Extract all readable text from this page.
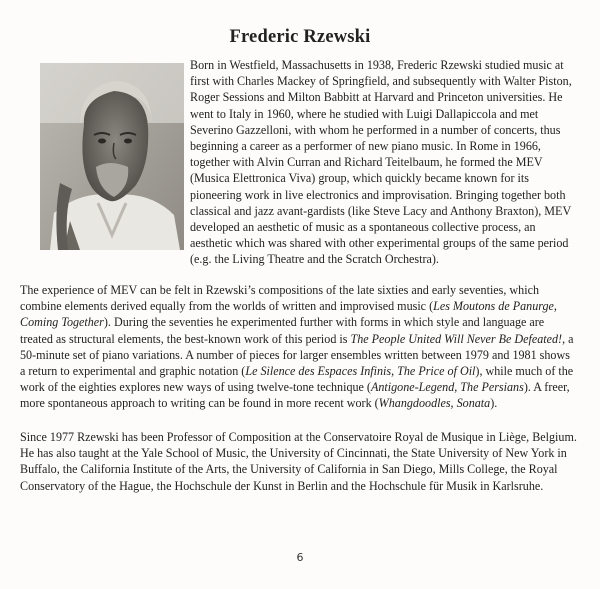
Frederic Rzewski

Born in Westfield, Massachusetts in 1938, Frederic Rzewski studied music at first with Charles Mackey of Springfield, and subsequently with Walter Piston, Roger Sessions and Milton Babbitt at Harvard and Princeton universities. He went to Italy in 1960, where he studied with Luigi Dallapiccola and met Severino Gazzelloni, with whom he performed in a number of concerts, thus beginning a career as a performer of new piano music. In Rome in 1966, together with Alvin Curran and Richard Teitelbaum, he formed the MEV (Musica Elettronica Viva) group, which quickly became known for its pioneering work in live electronics and improvisation. Bringing together both classical and jazz avant-gardists (like Steve Lacy and Anthony Braxton), MEV developed an aesthetic of music as a spontaneous collective process, an aesthetic which was shared with other experimental groups of the same period (e.g. the Living Theatre and the Scratch Orchestra).

The experience of MEV can be felt in Rzewski’s compositions of the late sixties and early seventies, which combine elements derived equally from the worlds of written and improvised music (Les Moutons de Panurge, Coming Together). During the seventies he experimented further with forms in which style and language are treated as structural elements, the best-known work of this period is The People United Will Never Be Defeated!, a 50-minute set of piano variations. A number of pieces for larger ensembles written between 1979 and 1981 shows a return to experimental and graphic notation (Le Silence des Espaces Infinis, The Price of Oil), while much of the work of the eighties explores new ways of using twelve-tone technique (Antigone-Legend, The Persians). A freer, more spontaneous approach to writing can be found in more recent work (Whangdoodles, Sonata).

Since 1977 Rzewski has been Professor of Composition at the Conservatoire Royal de Musique in Liège, Belgium. He has also taught at the Yale School of Music, the University of Cincinnati, the State University of New York in Buffalo, the California Institute of the Arts, the University of California in San Diego, Mills College, the Royal Conservatory of the Hague, the Hochschule der Kunst in Berlin and the Hochschule für Musik in Karlsruhe.

6
